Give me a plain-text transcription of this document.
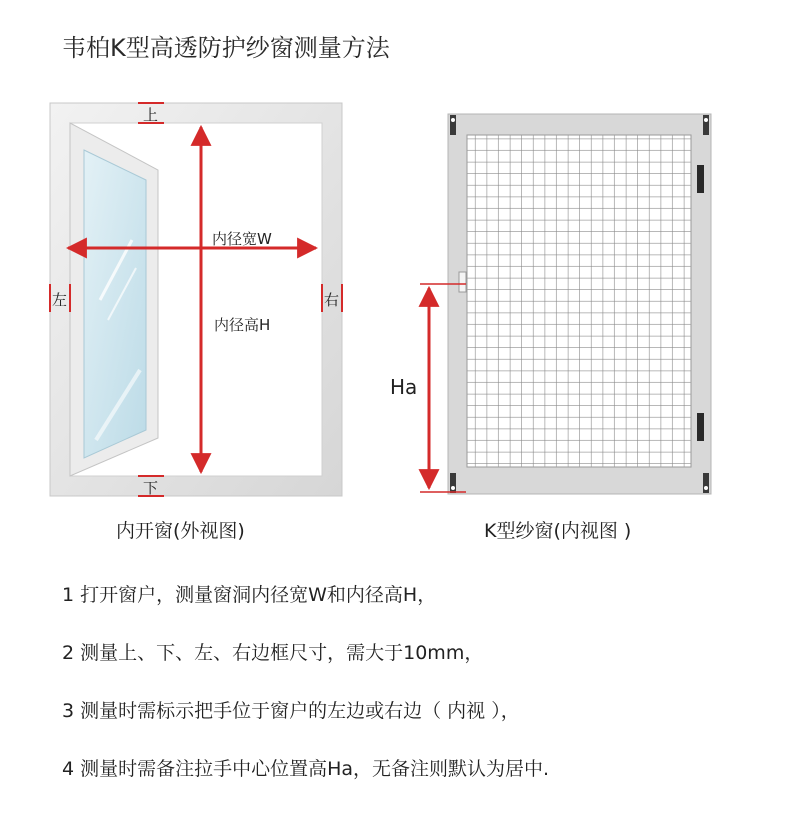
韦柏K型高透防护纱窗测量方法
内径宽W
内径高H
上
下
左	右
Ha
内开窗(外视图)	K型纱窗(内视图 )
1 打开窗户，测量窗洞内径宽W和内径高H，
2 测量上、下、左、右边框尺寸，需大于10mm，
3 测量时需标示把手位于窗户的左边或右边（ 内视 ），
4 测量时需备注拉手中心位置高Ha，无备注则默认为居中.
